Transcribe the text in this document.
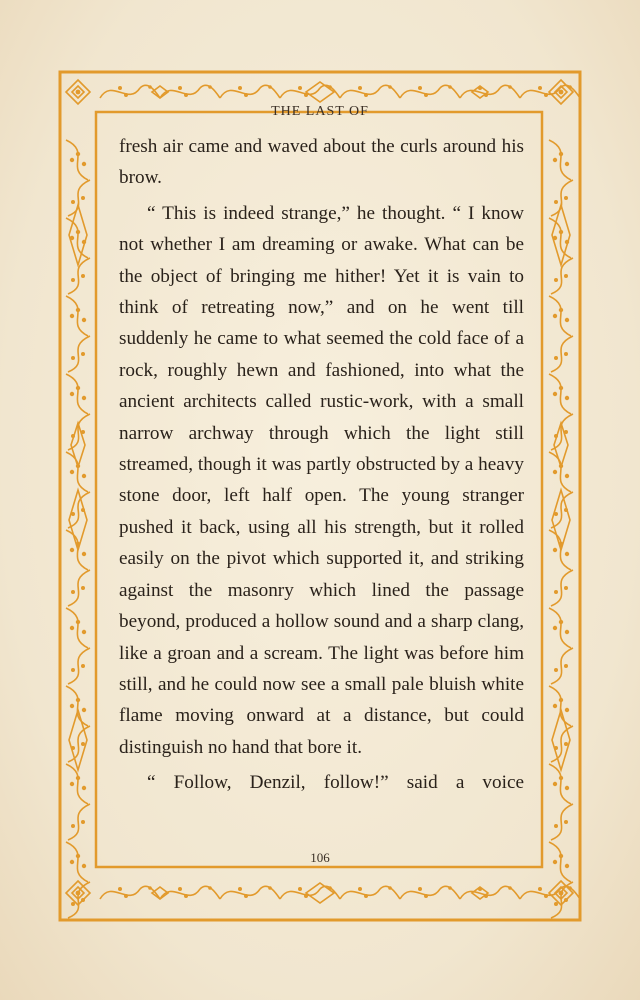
THE LAST OF

fresh air came and waved about the curls around his brow.

“ This is indeed strange,” he thought. “ I know not whether I am dreaming or awake. What can be the object of bringing me hither! Yet it is vain to think of retreating now,” and on he went till suddenly he came to what seemed the cold face of a rock, roughly hewn and fashioned, into what the ancient architects called rustic-work, with a small narrow archway through which the light still streamed, though it was partly obstructed by a heavy stone door, left half open. The young stranger pushed it back, using all his strength, but it rolled easily on the pivot which supported it, and striking against the masonry which lined the passage beyond, produced a hollow sound and a sharp clang, like a groan and a scream. The light was before him still, and he could now see a small pale bluish white flame moving onward at a distance, but could distinguish no hand that bore it.

“ Follow, Denzil, follow!” said a voice

106
